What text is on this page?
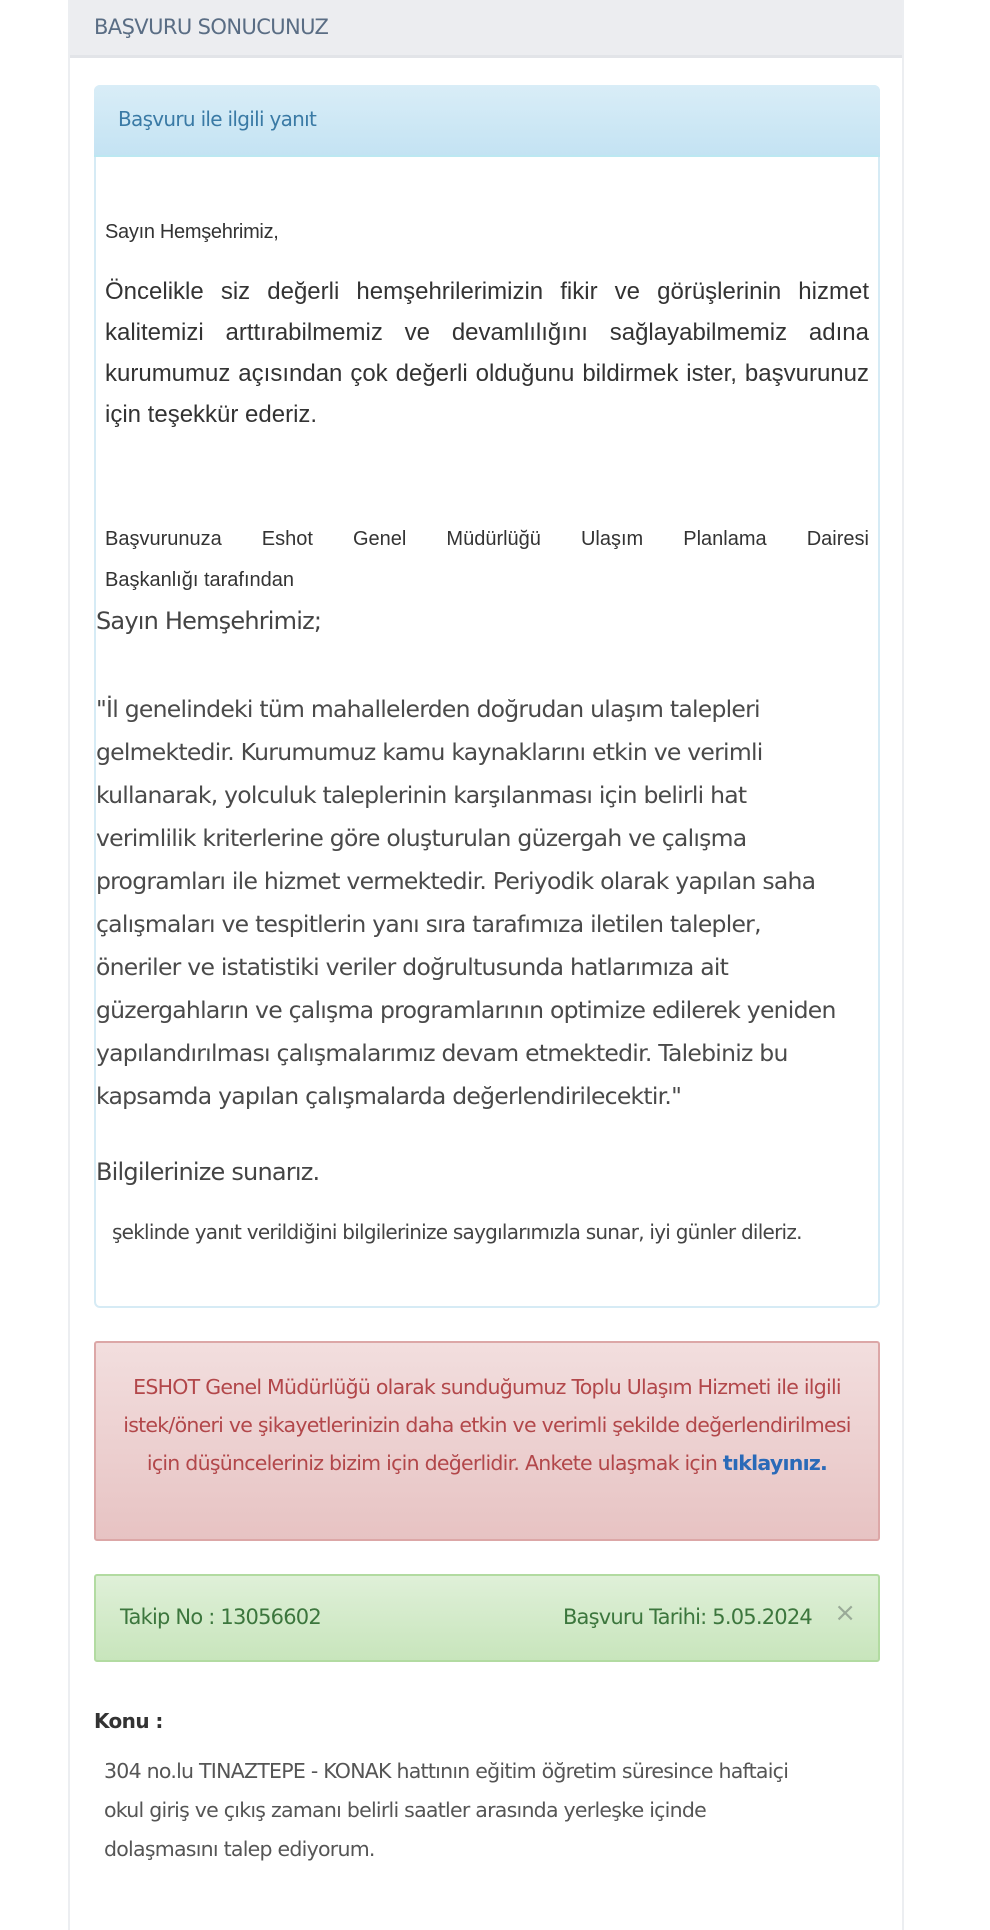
BAŞVURU SONUCUNUZ
Başvuru ile ilgili yanıt
Sayın Hemşehrimiz,

Öncelikle siz değerli hemşehrilerimizin fikir ve görüşlerinin hizmet kalitemizi arttırabilmemiz ve devamlılığını sağlayabilmemiz adına kurumumuz açısından çok değerli olduğunu bildirmek ister, başvurunuz için teşekkür ederiz.

Başvurunuza Eshot Genel Müdürlüğü Ulaşım Planlama Dairesi
Başkanlığı tarafından
Sayın Hemşehrimiz;

"İl genelindeki tüm mahallelerden doğrudan ulaşım talepleri
gelmektedir. Kurumumuz kamu kaynaklarını etkin ve verimli
kullanarak, yolculuk taleplerinin karşılanması için belirli hat
verimlilik kriterlerine göre oluşturulan güzergah ve çalışma
programları ile hizmet vermektedir. Periyodik olarak yapılan saha
çalışmaları ve tespitlerin yanı sıra tarafımıza iletilen talepler,
öneriler ve istatistiki veriler doğrultusunda hatlarımıza ait
güzergahların ve çalışma programlarının optimize edilerek yeniden
yapılandırılması çalışmalarımız devam etmektedir. Talebiniz bu
kapsamda yapılan çalışmalarda değerlendirilecektir."

Bilgilerinize sunarız.
şeklinde yanıt verildiğini bilgilerinize saygılarımızla sunar, iyi günler dileriz.

ESHOT Genel Müdürlüğü olarak sunduğumuz Toplu Ulaşım Hizmeti ile ilgili istek/öneri ve şikayetlerinizin daha etkin ve verimli şekilde değerlendirilmesi için düşünceleriniz bizim için değerlidir. Ankete ulaşmak için tıklayınız.

Takip No : 13056602	Başvuru Tarihi: 5.05.2024 ×
Konu :

304 no.lu TINAZTEPE - KONAK hattının eğitim öğretim süresince haftaiçi
okul giriş ve çıkış zamanı belirli saatler arasında yerleşke içinde
dolaşmasını talep ediyorum.
